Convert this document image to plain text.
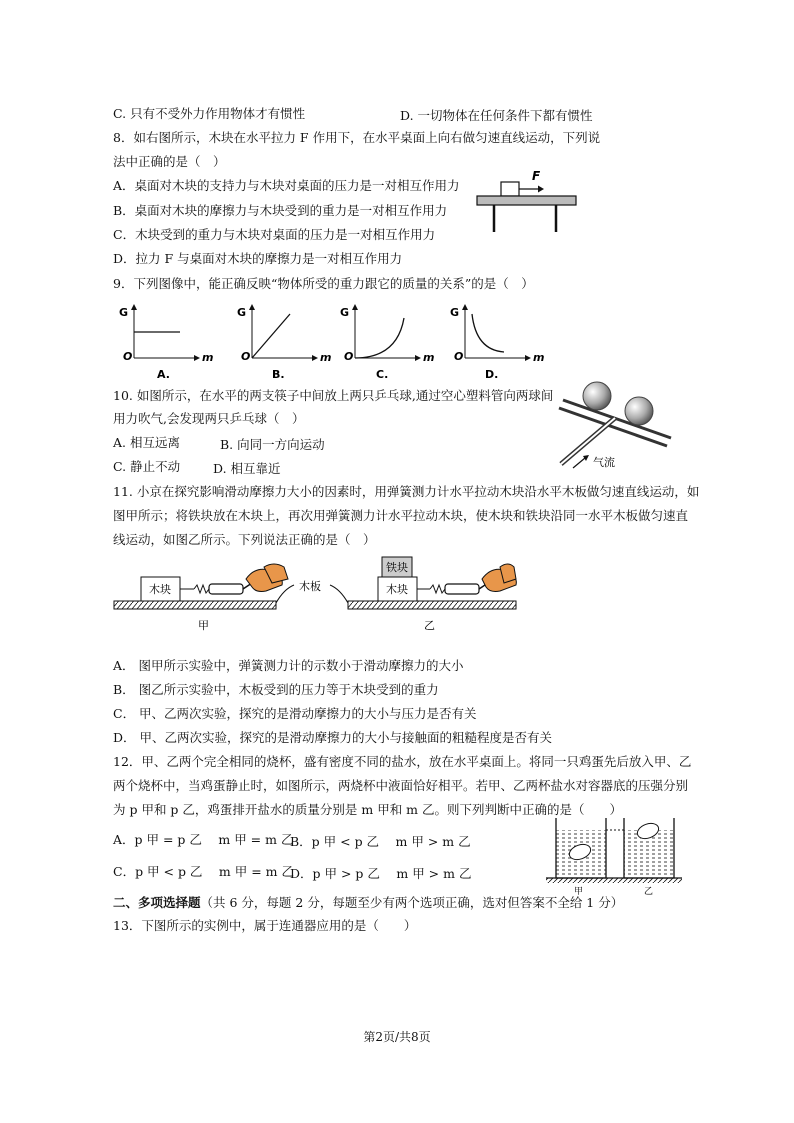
C. 只有不受外力作用物体才有惯性	D. 一切物体在任何条件下都有惯性
8．如右图所示，木块在水平拉力 F 作用下，在水平桌面上向右做匀速直线运动，下列说
法中正确的是（　）
A．桌面对木块的支持力与木块对桌面的压力是一对相互作用力
B．桌面对木块的摩擦力与木块受到的重力是一对相互作用力
C．木块受到的重力与木块对桌面的压力是一对相互作用力
D．拉力 F 与桌面对木块的摩擦力是一对相互作用力
F
9．下列图像中，能正确反映“物体所受的重力跟它的质量的关系”的是（　）
G
O	m
A.
G
O	m
B.
G
O	m
C.
G
O	m
D.
10. 如图所示，在水平的两支筷子中间放上两只乒乓球,通过空心塑料管向两球间
用力吹气,会发现两只乒乓球（　）
A. 相互远离	B. 向同一方向运动
C. 静止不动	D. 相互靠近	气流
11. 小京在探究影响滑动摩擦力大小的因素时，用弹簧测力计水平拉动木块沿水平木板做匀速直线运动，如
图甲所示；将铁块放在木块上，再次用弹簧测力计水平拉动木块，使木块和铁块沿同一水平木板做匀速直
线运动，如图乙所示。下列说法正确的是（　）
木块
甲
木板
铁块
木块
乙
A． 图甲所示实验中，弹簧测力计的示数小于滑动摩擦力的大小
B． 图乙所示实验中，木板受到的压力等于木块受到的重力
C． 甲、乙两次实验，探究的是滑动摩擦力的大小与压力是否有关
D． 甲、乙两次实验，探究的是滑动摩擦力的大小与接触面的粗糙程度是否有关
12．甲、乙两个完全相同的烧杯，盛有密度不同的盐水，放在水平桌面上。将同一只鸡蛋先后放入甲、乙
两个烧杯中，当鸡蛋静止时，如图所示，两烧杯中液面恰好相平。若甲、乙两杯盐水对容器底的压强分别
为 p 甲和 p 乙，鸡蛋排开盐水的质量分别是 m 甲和 m 乙。则下列判断中正确的是（　　）
A．p 甲 = p 乙　 m 甲 = m 乙
B．p 甲 < p 乙　 m 甲 > m 乙
C．p 甲 < p 乙　 m 甲 = m 乙
D．p 甲 > p 乙　 m 甲 > m 乙
甲	乙
二、多项选择题（共 6 分，每题 2 分，每题至少有两个选项正确，选对但答案不全给 1 分）
13．下图所示的实例中，属于连通器应用的是（　　）
第2页/共8页
